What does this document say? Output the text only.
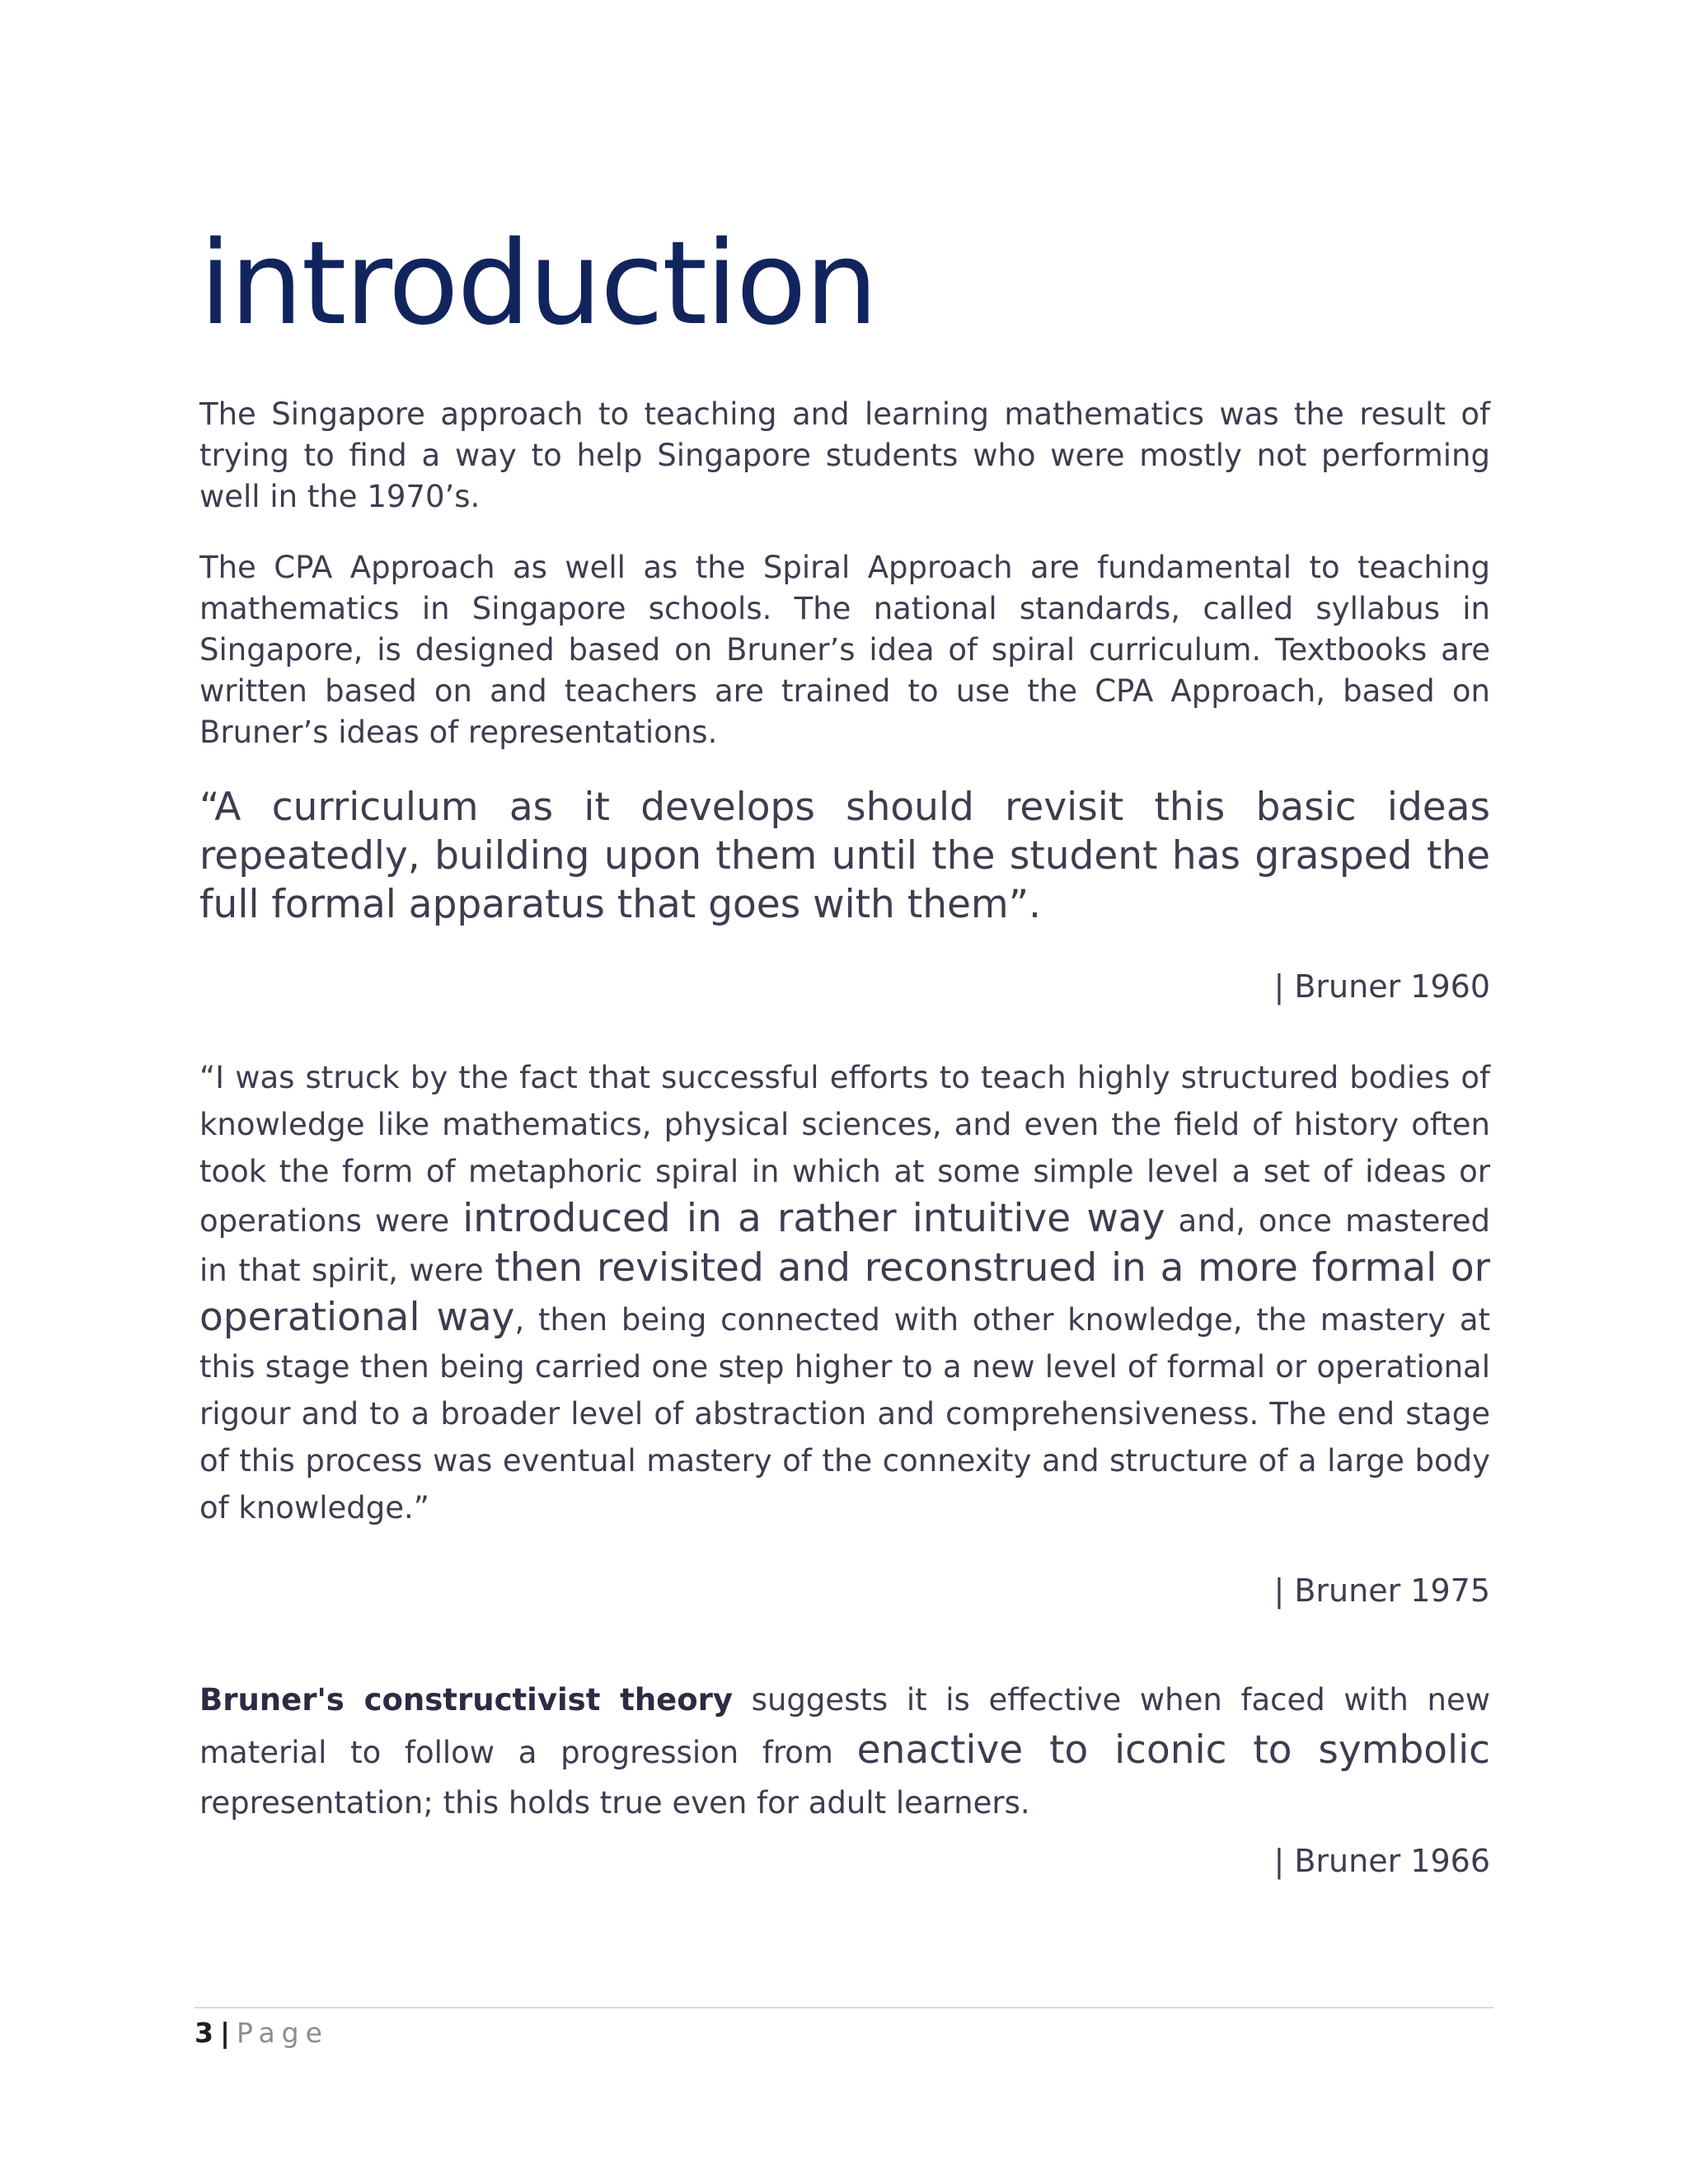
introduction

The Singapore approach to teaching and learning mathematics was the result of trying to find a way to help Singapore students who were mostly not performing well in the 1970’s.

The CPA Approach as well as the Spiral Approach are fundamental to teaching mathematics in Singapore schools. The national standards, called syllabus in Singapore, is designed based on Bruner’s idea of spiral curriculum. Textbooks are written based on and teachers are trained to use the CPA Approach, based on Bruner’s ideas of representations.

“A curriculum as it develops should revisit this basic ideas repeatedly, building upon them until the student has grasped the full formal apparatus that goes with them”.

| Bruner 1960

“I was struck by the fact that successful efforts to teach highly structured bodies of knowledge like mathematics, physical sciences, and even the field of history often took the form of metaphoric spiral in which at some simple level a set of ideas or operations were introduced in a rather intuitive way and, once mastered in that spirit, were then revisited and reconstrued in a more formal or operational way, then being connected with other knowledge, the mastery at this stage then being carried one step higher to a new level of formal or operational rigour and to a broader level of abstraction and comprehensiveness. The end stage of this process was eventual mastery of the connexity and structure of a large body of knowledge.”

| Bruner 1975

Bruner's constructivist theory suggests it is effective when faced with new material to follow a progression from enactive to iconic to symbolic representation; this holds true even for adult learners.

| Bruner 1966

3 | Page
